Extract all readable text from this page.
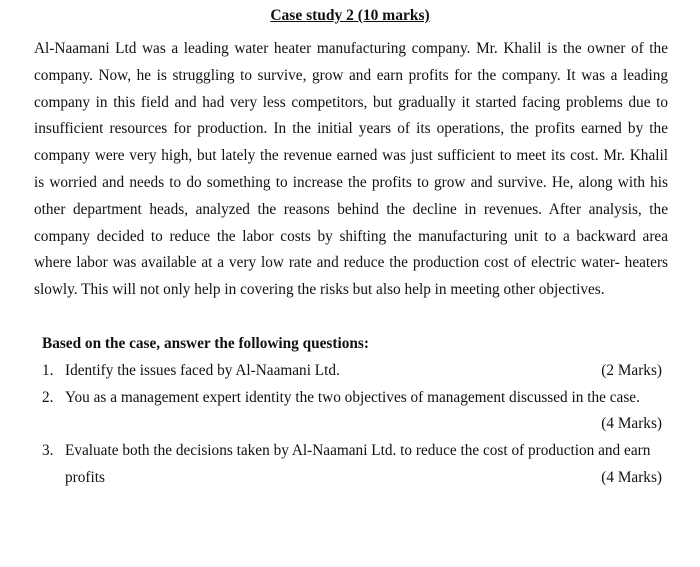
Case study 2 (10 marks)
Al-Naamani Ltd was a leading water heater manufacturing company. Mr. Khalil is the owner of the
company. Now, he is struggling to survive, grow and earn profits for the company. It was a leading
company in this field and had very less competitors, but gradually it started facing problems due to
insufficient resources for production. In the initial years of its operations, the profits earned by the
company were very high, but lately the revenue earned was just sufficient to meet its cost. Mr. Khalil
is worried and needs to do something to increase the profits to grow and survive. He, along with his
other department heads, analyzed the reasons behind the decline in revenues. After analysis, the
company decided to reduce the labor costs by shifting the manufacturing unit to a backward area
where labor was available at a very low rate and reduce the production cost of electric water- heaters
slowly. This will not only help in covering the risks but also help in meeting other objectives.
Based on the case, answer the following questions:
1. Identify the issues faced by Al-Naamani Ltd.	(2 Marks)
2. You as a management expert identity the two objectives of management discussed in the case.
(4 Marks)
3. Evaluate both the decisions taken by Al-Naamani Ltd. to reduce the cost of production and earn
profits	(4 Marks)
